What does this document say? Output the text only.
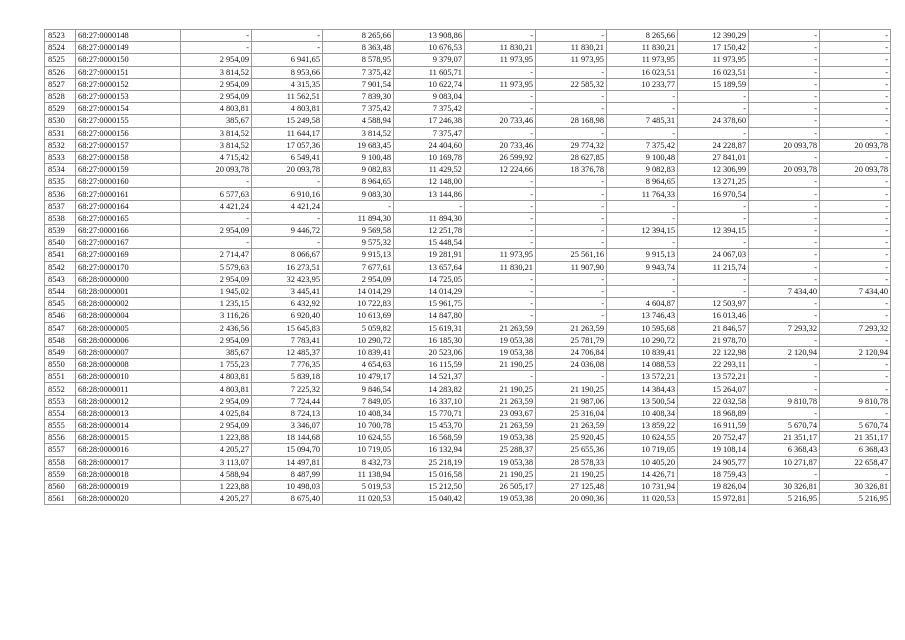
8523	68:27:0000148	-	-	8 265,66	13 908,86	-	-	8 265,66	12 390,29	-	-
8524	68:27:0000149	-	-	8 363,48	10 676,53	11 830,21	11 830,21	11 830,21	17 150,42	-	-
8525	68:27:0000150	2 954,09	6 941,65	8 578,95	9 379,07	11 973,95	11 973,95	11 973,95	11 973,95	-	-
8526	68:27:0000151	3 814,52	8 953,66	7 375,42	11 605,71	-	-	16 023,51	16 023,51	-	-
8527	68:27:0000152	2 954,09	4 315,35	7 901,54	10 622,74	11 973,95	22 585,32	10 233,77	15 189,59	-	-
8528	68:27:0000153	2 954,09	11 562,51	7 839,30	9 083,04	-	-	-	-	-	-
8529	68:27:0000154	4 803,81	4 803,81	7 375,42	7 375,42	-	-	-	-	-	-
8530	68:27:0000155	385,67	15 249,58	4 588,94	17 246,38	20 733,46	28 168,98	7 485,31	24 378,60	-	-
8531	68:27:0000156	3 814,52	11 644,17	3 814,52	7 375,47	-	-	-	-	-	-
8532	68:27:0000157	3 814,52	17 057,36	19 683,45	24 404,60	20 733,46	29 774,32	7 375,42	24 228,87	20 093,78	20 093,78
8533	68:27:0000158	4 715,42	6 549,41	9 100,48	10 169,78	26 599,92	28 627,85	9 100,48	27 841,01	-	-
8534	68:27:0000159	20 093,78	20 093,78	9 082,83	11 429,52	12 224,66	18 376,78	9 082,83	12 306,99	20 093,78	20 093,78
8535	68:27:0000160	-	-	8 964,65	12 148,00	-	-	8 964,65	13 271,25	-	-
8536	68:27:0000161	6 577,63	6 910,16	9 083,30	13 144,86	-	-	11 764,33	16 970,54	-	-
8537	68:27:0000164	4 421,24	4 421,24	-	-	-	-	-	-	-	-
8538	68:27:0000165	-	-	11 894,30	11 894,30	-	-	-	-	-	-
8539	68:27:0000166	2 954,09	9 446,72	9 569,58	12 251,78	-	-	12 394,15	12 394,15	-	-
8540	68:27:0000167	-	-	9 575,32	15 448,54	-	-	-	-	-	-
8541	68:27:0000169	2 714,47	8 066,67	9 915,13	19 281,91	11 973,95	25 561,16	9 915,13	24 067,03	-	-
8542	68:27:0000170	5 579,63	16 273,51	7 677,61	13 657,64	11 830,21	11 907,90	9 943,74	11 215,74	-	-
8543	68:28:0000000	2 954,09	32 423,95	2 954,09	14 725,05	-	-	-	-	-	-
8544	68:28:0000001	1 945,02	3 445,41	14 014,29	14 014,29	-	-	-	-	7 434,40	7 434,40
8545	68:28:0000002	1 235,15	6 432,92	10 722,83	15 961,75	-	-	4 604,87	12 503,97	-	-
8546	68:28:0000004	3 116,26	6 920,40	10 613,69	14 847,80	-	-	13 746,43	16 013,46	-	-
8547	68:28:0000005	2 436,56	15 645,83	5 059,82	15 619,31	21 263,59	21 263,59	10 595,68	21 846,57	7 293,32	7 293,32
8548	68:28:0000006	2 954,09	7 783,41	10 290,72	16 185,30	19 053,38	25 781,79	10 290,72	21 978,70	-	-
8549	68:28:0000007	385,67	12 485,37	10 839,41	20 523,06	19 053,38	24 706,84	10 839,41	22 122,98	2 120,94	2 120,94
8550	68:28:0000008	1 755,23	7 776,35	4 654,63	16 115,59	21 190,25	24 036,08	14 088,53	22 293,11	-	-
8551	68:28:0000010	4 803,81	5 839,18	10 479,17	14 521,37	-	-	13 572,21	13 572,21	-	-
8552	68:28:0000011	4 803,81	7 225,32	9 846,54	14 283,82	21 190,25	21 190,25	14 384,43	15 264,07	-	-
8553	68:28:0000012	2 954,09	7 724,44	7 849,05	16 337,10	21 263,59	21 987,06	13 500,54	22 032,58	9 810,78	9 810,78
8554	68:28:0000013	4 025,84	8 724,13	10 408,34	15 770,71	23 093,67	25 316,04	10 408,34	18 968,89	-	-
8555	68:28:0000014	2 954,09	3 346,07	10 700,78	15 453,70	21 263,59	21 263,59	13 859,22	16 911,59	5 670,74	5 670,74
8556	68:28:0000015	1 223,88	18 144,68	10 624,55	16 568,59	19 053,38	25 920,45	10 624,55	20 752,47	21 351,17	21 351,17
8557	68:28:0000016	4 205,27	15 094,70	10 719,05	16 132,94	25 288,37	25 655,36	10 719,05	19 108,14	6 368,43	6 368,43
8558	68:28:0000017	3 113,07	14 497,81	8 432,73	25 218,19	19 053,38	28 578,33	10 405,20	24 905,77	10 271,87	22 658,47
8559	68:28:0000018	4 588,94	8 487,99	11 138,94	15 016,58	21 190,25	21 190,25	14 426,71	18 759,43	-	-
8560	68:28:0000019	1 223,88	10 498,03	5 019,53	15 212,50	26 505,17	27 125,48	10 731,94	19 826,04	30 326,81	30 326,81
8561	68:28:0000020	4 205,27	8 675,40	11 020,53	15 040,42	19 053,38	20 090,36	11 020,53	15 972,81	5 216,95	5 216,95
